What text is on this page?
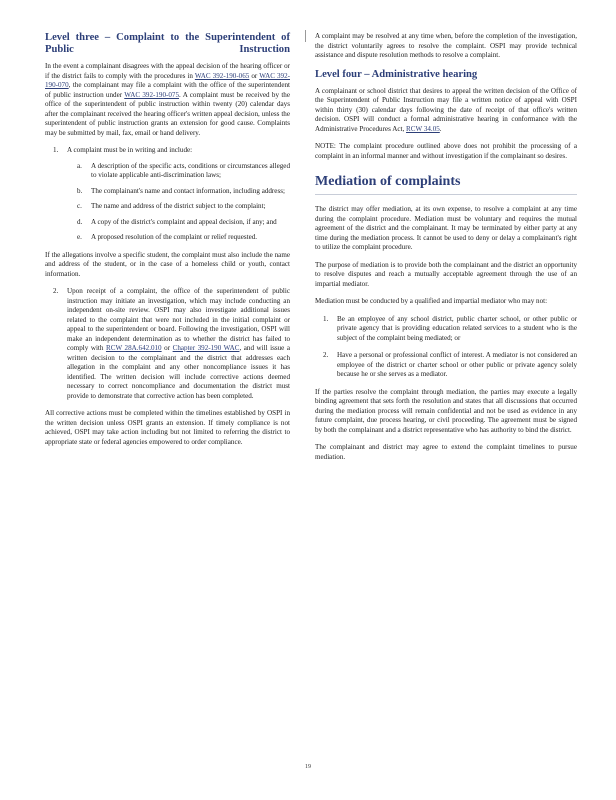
Level three – Complaint to the Superintendent of Public Instruction

In the event a complainant disagrees with the appeal decision of the hearing officer or if the district fails to comply with the procedures in WAC 392-190-065 or WAC 392-190-070, the complainant may file a complaint with the office of the superintendent of public instruction under WAC 392-190-075. A complaint must be received by the office of the superintendent of public instruction within twenty (20) calendar days after the complainant received the hearing officer's written appeal decision, unless the superintendent of public instruction grants an extension for good cause. Complaints may be submitted by mail, fax, email or hand delivery.

1. A complaint must be in writing and include:
a. A description of the specific acts, conditions or circumstances alleged to violate applicable anti-discrimination laws;
b. The complainant's name and contact information, including address;
c. The name and address of the district subject to the complaint;
d. A copy of the district's complaint and appeal decision, if any; and
e. A proposed resolution of the complaint or relief requested.

If the allegations involve a specific student, the complaint must also include the name and address of the student, or in the case of a homeless child or youth, contact information.

2. Upon receipt of a complaint, the office of the superintendent of public instruction may initiate an investigation, which may include conducting an independent on-site review. OSPI may also investigate additional issues related to the complaint that were not included in the initial complaint or appeal to the superintendent or board. Following the investigation, OSPI will make an independent determination as to whether the district has failed to comply with RCW 28A.642.010 or Chapter 392-190 WAC, and will issue a written decision to the complainant and the district that addresses each allegation in the complaint and any other noncompliance issues it has identified. The written decision will include corrective actions deemed necessary to correct noncompliance and documentation the district must provide to demonstrate that corrective action has been completed.

All corrective actions must be completed within the timelines established by OSPI in the written decision unless OSPI grants an extension. If timely compliance is not achieved, OSPI may take action including but not limited to referring the district to appropriate state or federal agencies empowered to order compliance.

A complaint may be resolved at any time when, before the completion of the investigation, the district voluntarily agrees to resolve the complaint. OSPI may provide technical assistance and dispute resolution methods to resolve a complaint.

Level four – Administrative hearing

A complainant or school district that desires to appeal the written decision of the Office of the Superintendent of Public Instruction may file a written notice of appeal with OSPI within thirty (30) calendar days following the date of receipt of that office's written decision. OSPI will conduct a formal administrative hearing in conformance with the Administrative Procedures Act, RCW 34.05.

NOTE: The complaint procedure outlined above does not prohibit the processing of a complaint in an informal manner and without investigation if the complainant so desires.

Mediation of complaints

The district may offer mediation, at its own expense, to resolve a complaint at any time during the complaint procedure. Mediation must be voluntary and requires the mutual agreement of the district and the complainant. It may be terminated by either party at any time during the mediation process. It cannot be used to deny or delay a complainant's right to utilize the complaint procedure.

The purpose of mediation is to provide both the complainant and the district an opportunity to resolve disputes and reach a mutually acceptable agreement through the use of an impartial mediator.

Mediation must be conducted by a qualified and impartial mediator who may not:

1. Be an employee of any school district, public charter school, or other public or private agency that is providing education related services to a student who is the subject of the complaint being mediated; or
2. Have a personal or professional conflict of interest. A mediator is not considered an employee of the district or charter school or other public or private agency solely because he or she serves as a mediator.

If the parties resolve the complaint through mediation, the parties may execute a legally binding agreement that sets forth the resolution and states that all discussions that occurred during the mediation process will remain confidential and not be used as evidence in any future complaint, due process hearing, or civil proceeding. The agreement must be signed by both the complainant and a district representative who has authority to bind the district.

The complainant and district may agree to extend the complaint timelines to pursue mediation.

19
